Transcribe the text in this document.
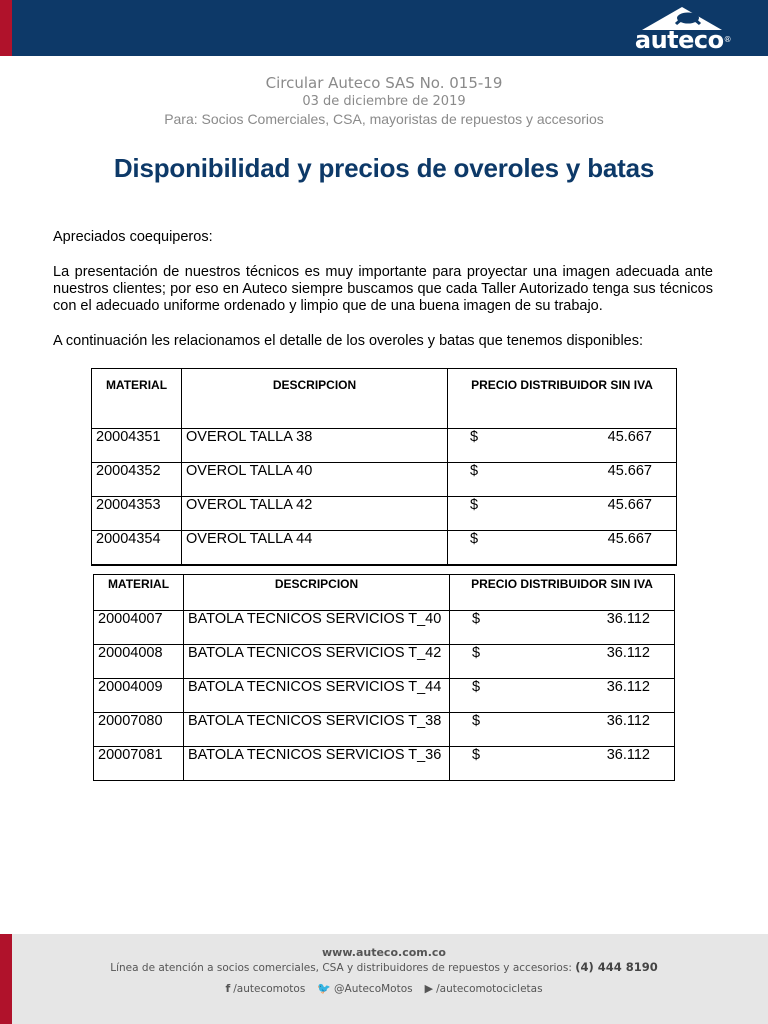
auteco®
Circular Auteco SAS No. 015-19
03 de diciembre de 2019
Para: Socios Comerciales, CSA, mayoristas de repuestos y accesorios
Disponibilidad y precios de overoles y batas
Apreciados coequiperos:
La presentación de nuestros técnicos es muy importante para proyectar una imagen adecuada ante nuestros clientes; por eso en Auteco siempre buscamos que cada Taller Autorizado tenga sus técnicos con el adecuado uniforme ordenado y limpio que de una buena imagen de su trabajo.
A continuación les relacionamos el detalle de los overoles y batas que tenemos disponibles:
MATERIAL	DESCRIPCION	PRECIO DISTRIBUIDOR SIN IVA
20004351	OVEROL TALLA 38	$ 45.667

20004352	OVEROL TALLA 40	$ 45.667

20004353	OVEROL TALLA 42	$ 45.667

20004354	OVEROL TALLA 44	$ 45.667
MATERIAL	DESCRIPCION	PRECIO DISTRIBUIDOR SIN IVA
20004007	BATOLA TECNICOS SERVICIOS T_40	$ 36.112

20004008	BATOLA TECNICOS SERVICIOS T_42	$ 36.112

20004009	BATOLA TECNICOS SERVICIOS T_44	$ 36.112

20007080	BATOLA TECNICOS SERVICIOS T_38	$ 36.112

20007081	BATOLA TECNICOS SERVICIOS T_36	$ 36.112
www.auteco.com.co
Línea de atención a socios comerciales, CSA y distribuidores de repuestos y accesorios: (4) 444 8190
f /autecomotos 🐦 @AutecoMotos ▶ /autecomotocicletas
